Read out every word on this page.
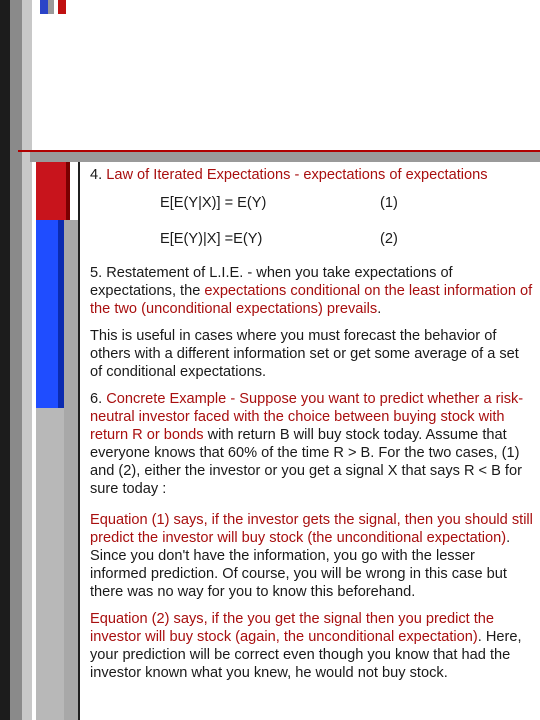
4. Law of Iterated Expectations - expectations of expectations

E[E(Y|X)] = E(Y)	(1)
E[E(Y)|X] =E(Y)	(2)

5. Restatement of L.I.E. - when you take expectations of expectations, the expectations conditional on the least information of the two (unconditional expectations) prevails.

This is useful in cases where you must forecast the behavior of others with a different information set or get some average of a set of conditional expectations.

6. Concrete Example - Suppose you want to predict whether a risk-neutral investor faced with the choice between buying stock with return R or bonds with return B will buy stock today. Assume that everyone knows that 60% of the time R > B. For the two cases, (1) and (2), either the investor or you get a signal X that says R < B for sure today :

Equation (1) says, if the investor gets the signal, then you should still predict the investor will buy stock (the unconditional expectation). Since you don't have the information, you go with the lesser informed prediction. Of course, you will be wrong in this case but there was no way for you to know this beforehand.

Equation (2) says, if the you get the signal then you predict the investor will buy stock (again, the unconditional expectation). Here, your prediction will be correct even though you know that had the investor known what you knew, he would not buy stock.
